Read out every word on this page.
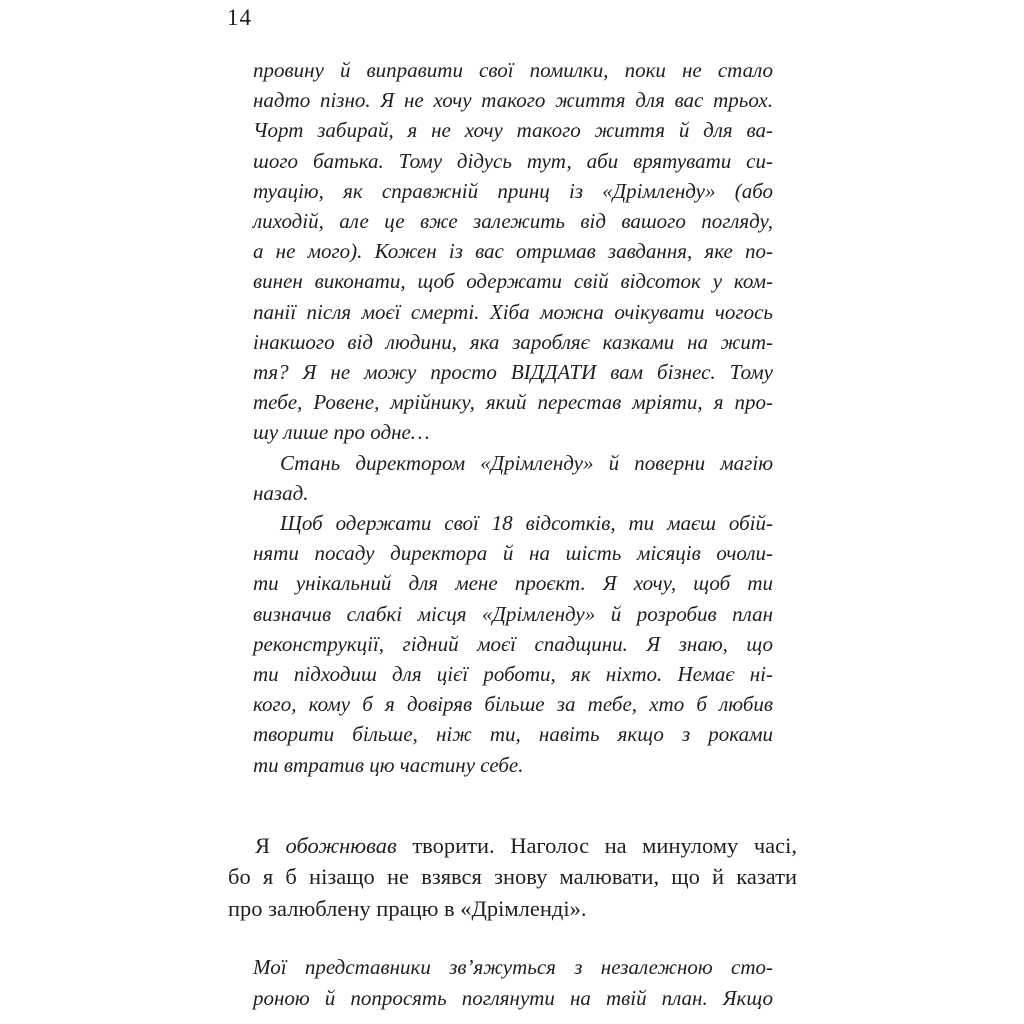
14
провину й виправити свої помилки, поки не стало
надто пізно. Я не хочу такого життя для вас трьох.
Чорт забирай, я не хочу такого життя й для ва-
шого батька. Тому дідусь тут, аби врятувати си-
туацію, як справжній принц із «Дрімленду» (або
лиходій, але це вже залежить від вашого погляду,
а не мого). Кожен із вас отримав завдання, яке по-
винен виконати, щоб одержати свій відсоток у ком-
панії після моєї смерті. Хіба можна очікувати чогось
інакшого від людини, яка заробляє казками на жит-
тя? Я не можу просто ВІДДАТИ вам бізнес. Тому
тебе, Ровене, мрійнику, який перестав мріяти, я про-
шу лише про одне…
Стань директором «Дрімленду» й поверни магію
назад.
Щоб одержати свої 18 відсотків, ти маєш обій-
няти посаду директора й на шість місяців очоли-
ти унікальний для мене проєкт. Я хочу, щоб ти
визначив слабкі місця «Дрімленду» й розробив план
реконструкції, гідний моєї спадщини. Я знаю, що
ти підходиш для цієї роботи, як ніхто. Немає ні-
кого, кому б я довіряв більше за тебе, хто б любив
творити більше, ніж ти, навіть якщо з роками
ти втратив цю частину себе.
Я обожнював творити. Наголос на минулому часі,
бо я б нізащо не взявся знову малювати, що й казати
про залюблену працю в «Дрімленді».
Мої представники зв’яжуться з незалежною сто-
роною й попросять поглянути на твій план. Якщо
